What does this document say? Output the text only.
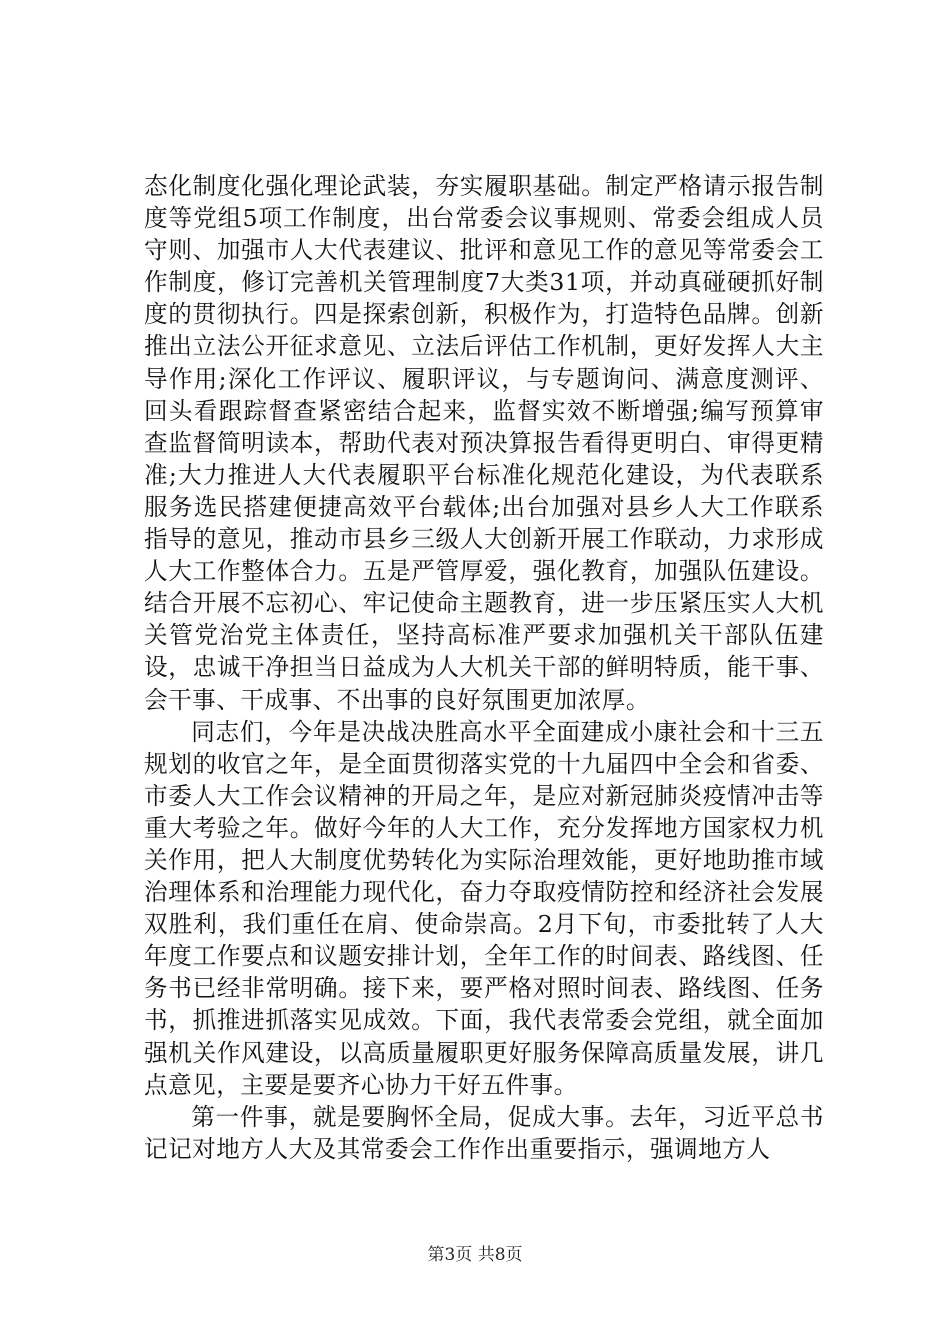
态化制度化强化理论武装，夯实履职基础。制定严格请示报告制度等党组5项工作制度，出台常委会议事规则、常委会组成人员守则、加强市人大代表建议、批评和意见工作的意见等常委会工作制度，修订完善机关管理制度7大类31项，并动真碰硬抓好制度的贯彻执行。四是探索创新，积极作为，打造特色品牌。创新推出立法公开征求意见、立法后评估工作机制，更好发挥人大主导作用;深化工作评议、履职评议，与专题询问、满意度测评、回头看跟踪督查紧密结合起来，监督实效不断增强;编写预算审查监督简明读本，帮助代表对预决算报告看得更明白、审得更精准;大力推进人大代表履职平台标准化规范化建设，为代表联系服务选民搭建便捷高效平台载体;出台加强对县乡人大工作联系指导的意见，推动市县乡三级人大创新开展工作联动，力求形成人大工作整体合力。五是严管厚爱，强化教育，加强队伍建设。结合开展不忘初心、牢记使命主题教育，进一步压紧压实人大机关管党治党主体责任，坚持高标准严要求加强机关干部队伍建设，忠诚干净担当日益成为人大机关干部的鲜明特质，能干事、会干事、干成事、不出事的良好氛围更加浓厚。

同志们，今年是决战决胜高水平全面建成小康社会和十三五规划的收官之年，是全面贯彻落实党的十九届四中全会和省委、市委人大工作会议精神的开局之年，是应对新冠肺炎疫情冲击等重大考验之年。做好今年的人大工作，充分发挥地方国家权力机关作用，把人大制度优势转化为实际治理效能，更好地助推市域治理体系和治理能力现代化，奋力夺取疫情防控和经济社会发展双胜利，我们重任在肩、使命崇高。2月下旬，市委批转了人大年度工作要点和议题安排计划，全年工作的时间表、路线图、任务书已经非常明确。接下来，要严格对照时间表、路线图、任务书，抓推进抓落实见成效。下面，我代表常委会党组，就全面加强机关作风建设，以高质量履职更好服务保障高质量发展，讲几点意见，主要是要齐心协力干好五件事。

第一件事，就是要胸怀全局，促成大事。去年，习近平总书记记对地方人大及其常委会工作作出重要指示，强调地方人

第3页 共8页
